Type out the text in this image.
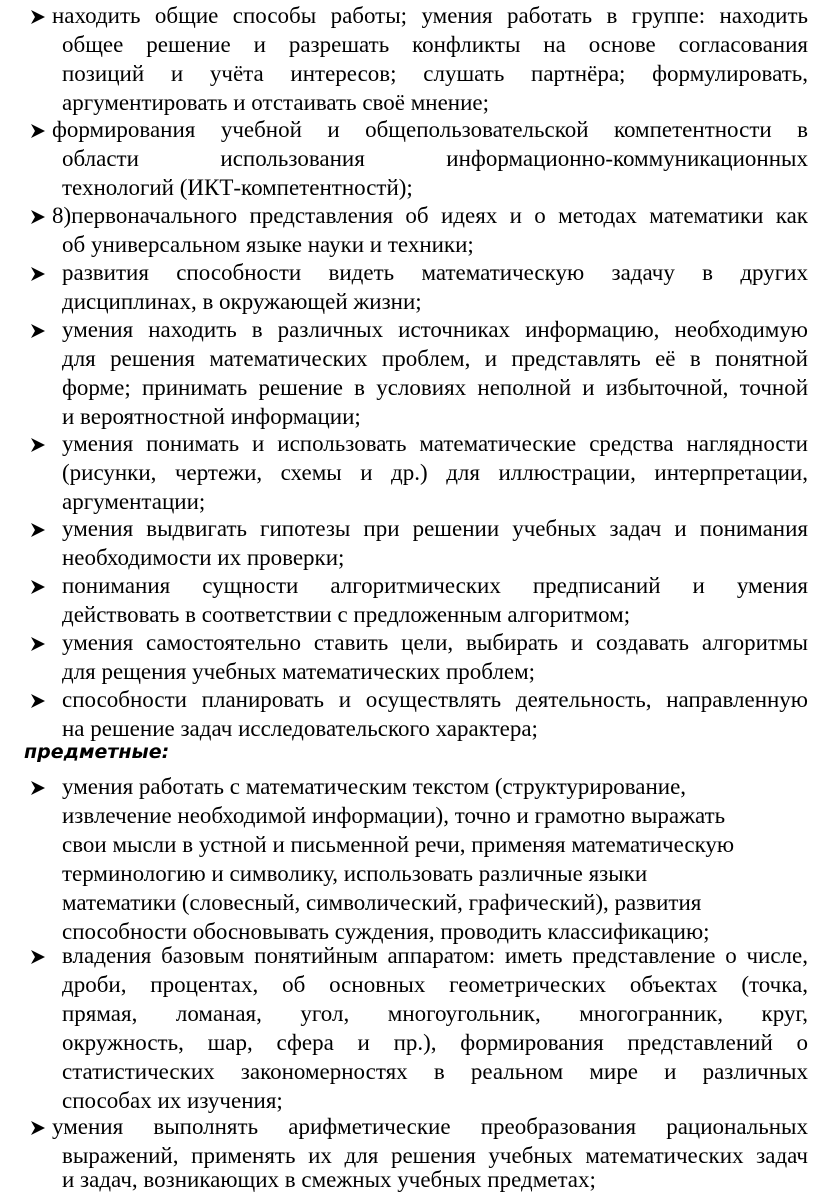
находить общие способы работы; умения работать в группе: находить
общее решение и разрешать конфликты на основе согласования
позиций и учёта интересов; слушать партнёра; формулировать,
аргументировать и отстаивать своё мнение;
формирования учебной и общепользовательской компетентности в
области использования информационно-коммуникационных
технологий (ИКТ-компетентностй);
8)первоначального представления об идеях и о методах математики как
об универсальном языке науки и техники;
развития способности видеть математическую задачу в других
дисциплинах, в окружающей жизни;
умения находить в различных источниках информацию, необходимую
для решения математических проблем, и представлять её в понятной
форме; принимать решение в условиях неполной и избыточной, точной
и вероятностной информации;
умения понимать и использовать математические средства наглядности
(рисунки, чертежи, схемы и др.) для иллюстрации, интерпретации,
аргументации;
умения выдвигать гипотезы при решении учебных задач и понимания
необходимости их проверки;
понимания сущности алгоритмических предписаний и умения
действовать в соответствии с предложенным алгоритмом;
умения самостоятельно ставить цели, выбирать и создавать алгоритмы
для рещения учебных математических проблем;
способности планировать и осуществлять деятельность, направленную
на решение задач исследовательского характера;
предметные:
умения работать с математическим текстом (структурирование,
извлечение необходимой информации), точно и грамотно выражать
свои мысли в устной и письменной речи, применяя математическую
терминологию и символику, использовать различные языки
математики (словесный, символический, графический), развития
способности обосновывать суждения, проводить классификацию;
владения базовым понятийным аппаратом: иметь представление о числе,
дроби, процентах, об основных геометрических объектах (точка,
прямая, ломаная, угол, многоугольник, многогранник, круг,
окружность, шар, сфера и пр.), формирования представлений о
статистических закономерностях в реальном мире и различных
способах их изучения;
умения выполнять арифметические преобразования рациональных
выражений, применять их для решения учебных математических задач
и задач, возникающих в смежных учебных предметах;
